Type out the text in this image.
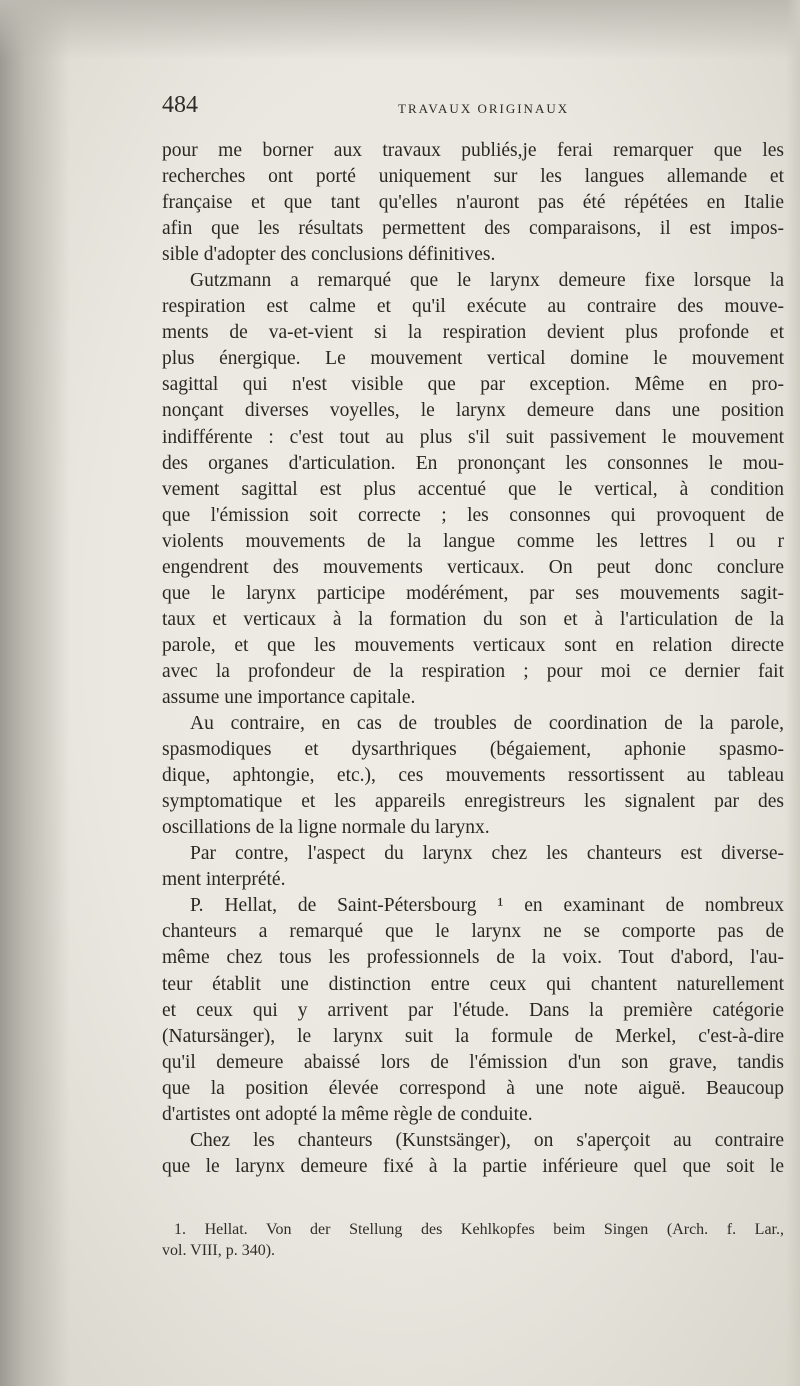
484	TRAVAUX ORIGINAUX
pour me borner aux travaux publiés,je ferai remarquer que les
recherches ont porté uniquement sur les langues allemande et
française et que tant qu'elles n'auront pas été répétées en Italie
afin que les résultats permettent des comparaisons, il est impos-
sible d'adopter des conclusions définitives.
Gutzmann a remarqué que le larynx demeure fixe lorsque la
respiration est calme et qu'il exécute au contraire des mouve-
ments de va-et-vient si la respiration devient plus profonde et
plus énergique. Le mouvement vertical domine le mouvement
sagittal qui n'est visible que par exception. Même en pro-
nonçant diverses voyelles, le larynx demeure dans une position
indifférente : c'est tout au plus s'il suit passivement le mouvement
des organes d'articulation. En prononçant les consonnes le mou-
vement sagittal est plus accentué que le vertical, à condition
que l'émission soit correcte ; les consonnes qui provoquent de
violents mouvements de la langue comme les lettres l ou r
engendrent des mouvements verticaux. On peut donc conclure
que le larynx participe modérément, par ses mouvements sagit-
taux et verticaux à la formation du son et à l'articulation de la
parole, et que les mouvements verticaux sont en relation directe
avec la profondeur de la respiration ; pour moi ce dernier fait
assume une importance capitale.
Au contraire, en cas de troubles de coordination de la parole,
spasmodiques et dysarthriques (bégaiement, aphonie spasmo-
dique, aphtongie, etc.), ces mouvements ressortissent au tableau
symptomatique et les appareils enregistreurs les signalent par des
oscillations de la ligne normale du larynx.
Par contre, l'aspect du larynx chez les chanteurs est diverse-
ment interprété.
P. Hellat, de Saint-Pétersbourg ¹ en examinant de nombreux
chanteurs a remarqué que le larynx ne se comporte pas de
même chez tous les professionnels de la voix. Tout d'abord, l'au-
teur établit une distinction entre ceux qui chantent naturellement
et ceux qui y arrivent par l'étude. Dans la première catégorie
(Natursänger), le larynx suit la formule de Merkel, c'est-à-dire
qu'il demeure abaissé lors de l'émission d'un son grave, tandis
que la position élevée correspond à une note aiguë. Beaucoup
d'artistes ont adopté la même règle de conduite.
Chez les chanteurs (Kunstsänger), on s'aperçoit au contraire
que le larynx demeure fixé à la partie inférieure quel que soit le
1. Hellat. Von der Stellung des Kehlkopfes beim Singen (Arch. f. Lar.,
vol. VIII, p. 340).
